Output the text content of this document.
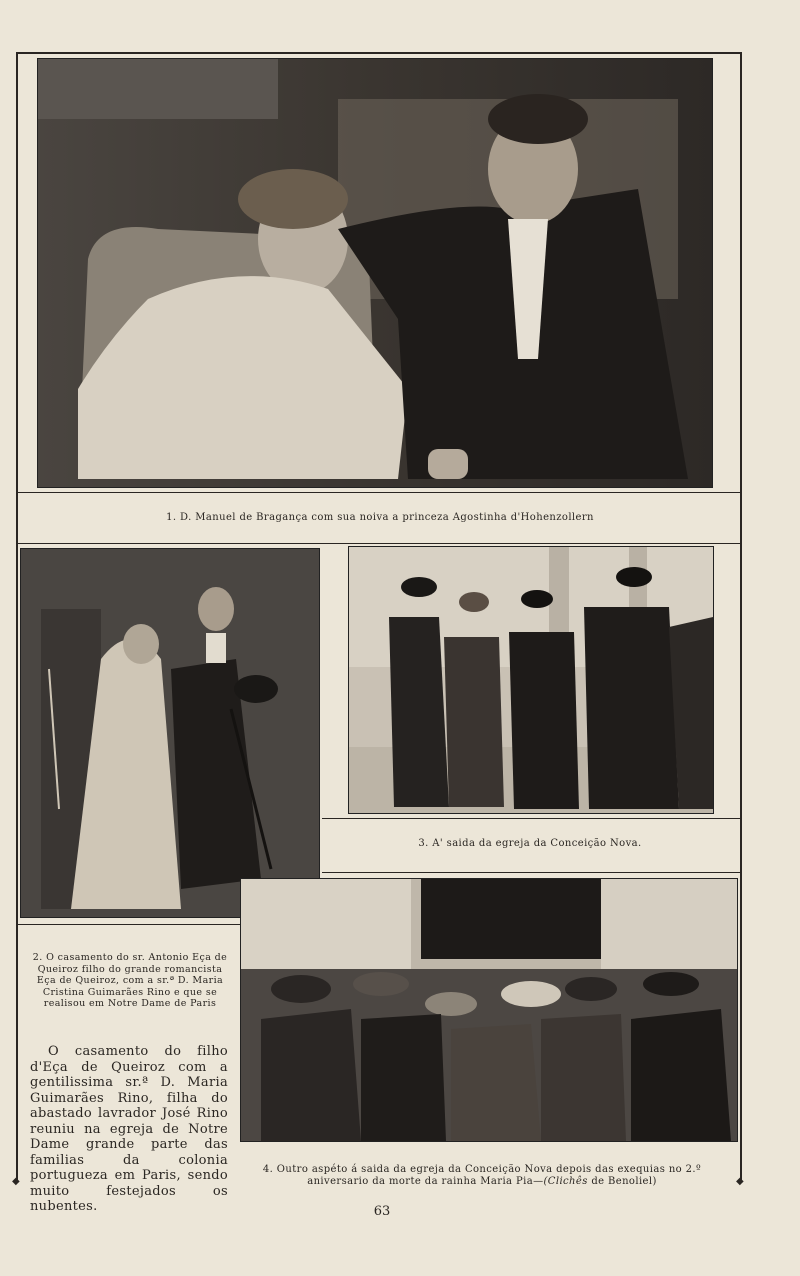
◆	◆
1. D. Manuel de Bragança com sua noiva a princeza Agostinha d'Hohenzollern
3. A' saida da egreja da Conceição Nova.
2. O casamento do sr. Antonio Eça de Queiroz filho do grande romancista Eça de Queiroz, com a sr.ª D. Maria Cristina Guimarães Rino e que se realisou em Notre Dame de Paris
O casamento do filho d'Eça de Queiroz com a gentilissima sr.ª D. Maria Guimarães Rino, filha do abastado lavrador José Rino reuniu na egreja de Notre Dame grande parte das familias da colonia portugueza em Paris, sendo muito festejados os nubentes.
4. Outro aspéto á saida da egreja da Conceição Nova depois das exequias no 2.º aniversario da morte da rainha Maria Pia—(Clichês de Benoliel)
63
